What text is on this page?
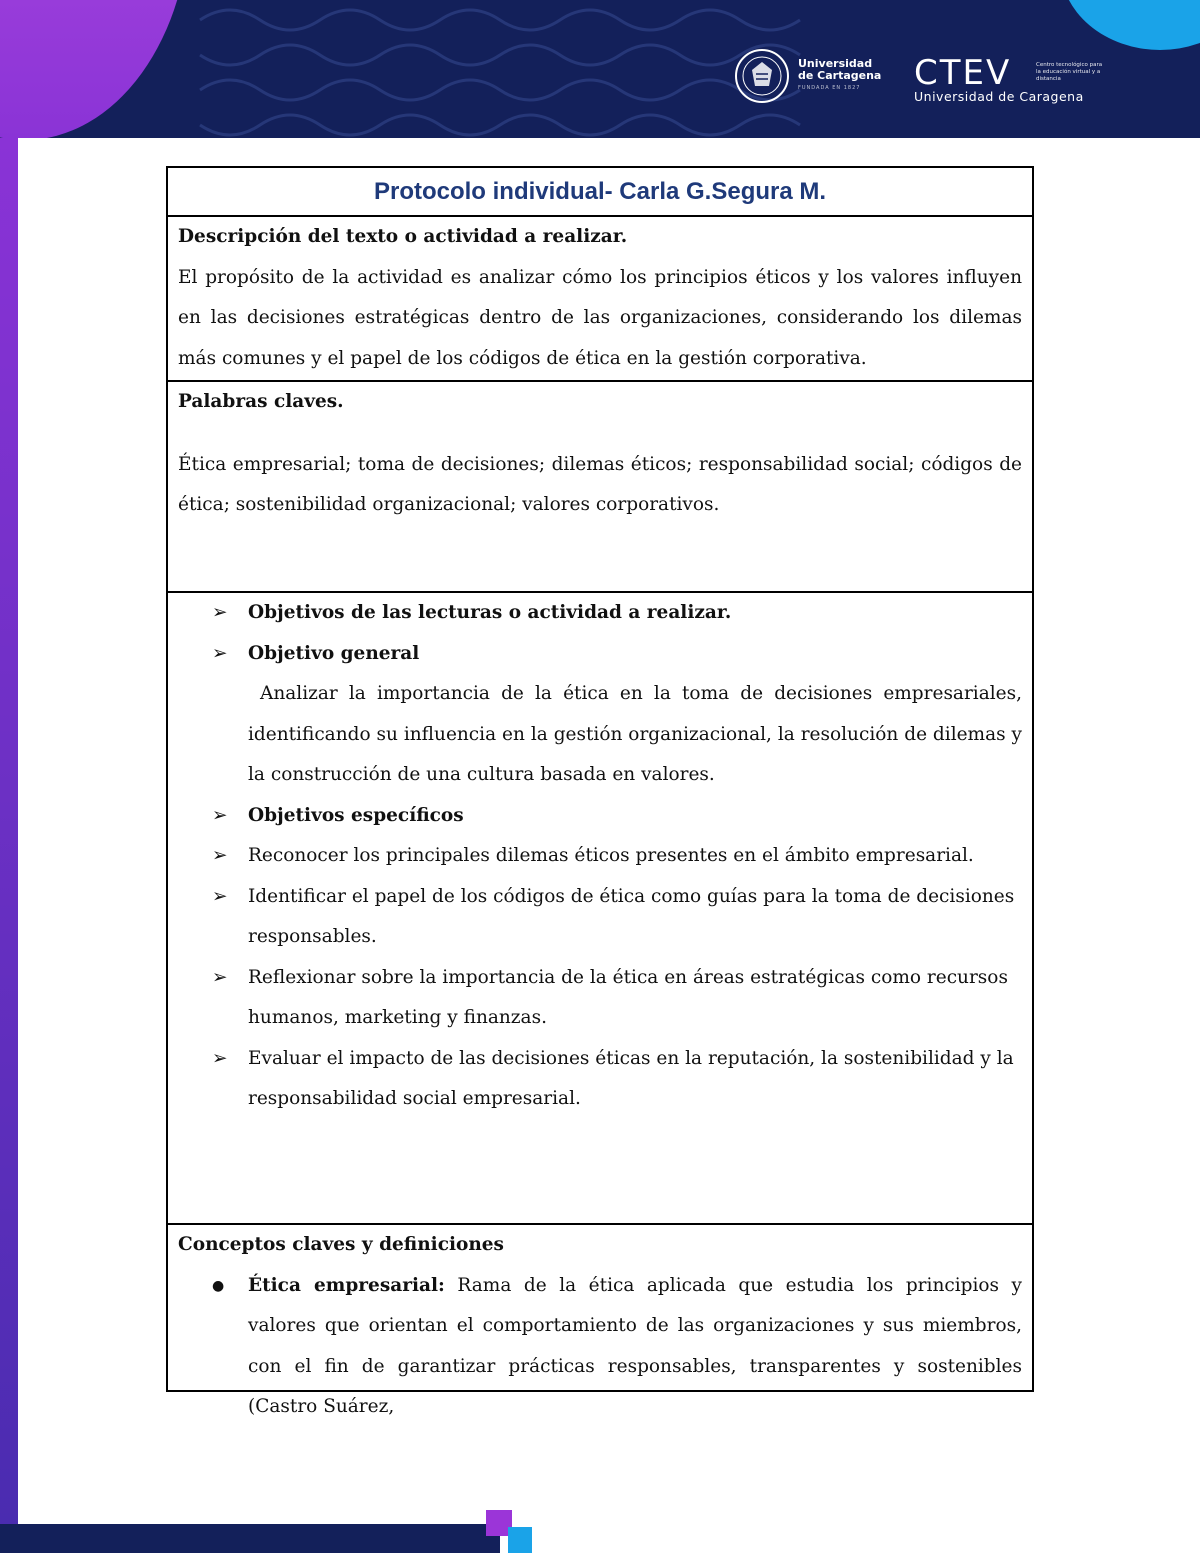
Universidad
de Cartagena
FUNDADA EN 1827	CTEV
Universidad de Caragena
Centro tecnológico para la educación virtual y a distancia
Protocolo individual- Carla G.Segura M.

Descripción del texto o actividad a realizar.

El propósito de la actividad es analizar cómo los principios éticos y los valores influyen en las decisiones estratégicas dentro de las organizaciones, considerando los dilemas más comunes y el papel de los códigos de ética en la gestión corporativa.

Palabras claves.

Ética empresarial; toma de decisiones; dilemas éticos; responsabilidad social; códigos de ética; sostenibilidad organizacional; valores corporativos.

➢ Objetivos de las lecturas o actividad a realizar.
➢ Objetivo general
Analizar la importancia de la ética en la toma de decisiones empresariales, identificando su influencia en la gestión organizacional, la resolución de dilemas y la construcción de una cultura basada en valores.
➢ Objetivos específicos
➢ Reconocer los principales dilemas éticos presentes en el ámbito empresarial.
➢ Identificar el papel de los códigos de ética como guías para la toma de decisiones responsables.
➢ Reflexionar sobre la importancia de la ética en áreas estratégicas como recursos humanos, marketing y finanzas.
➢ Evaluar el impacto de las decisiones éticas en la reputación, la sostenibilidad y la responsabilidad social empresarial.

Conceptos claves y definiciones

● Ética empresarial: Rama de la ética aplicada que estudia los principios y valores que orientan el comportamiento de las organizaciones y sus miembros, con el fin de garantizar prácticas responsables, transparentes y sostenibles (Castro Suárez,
